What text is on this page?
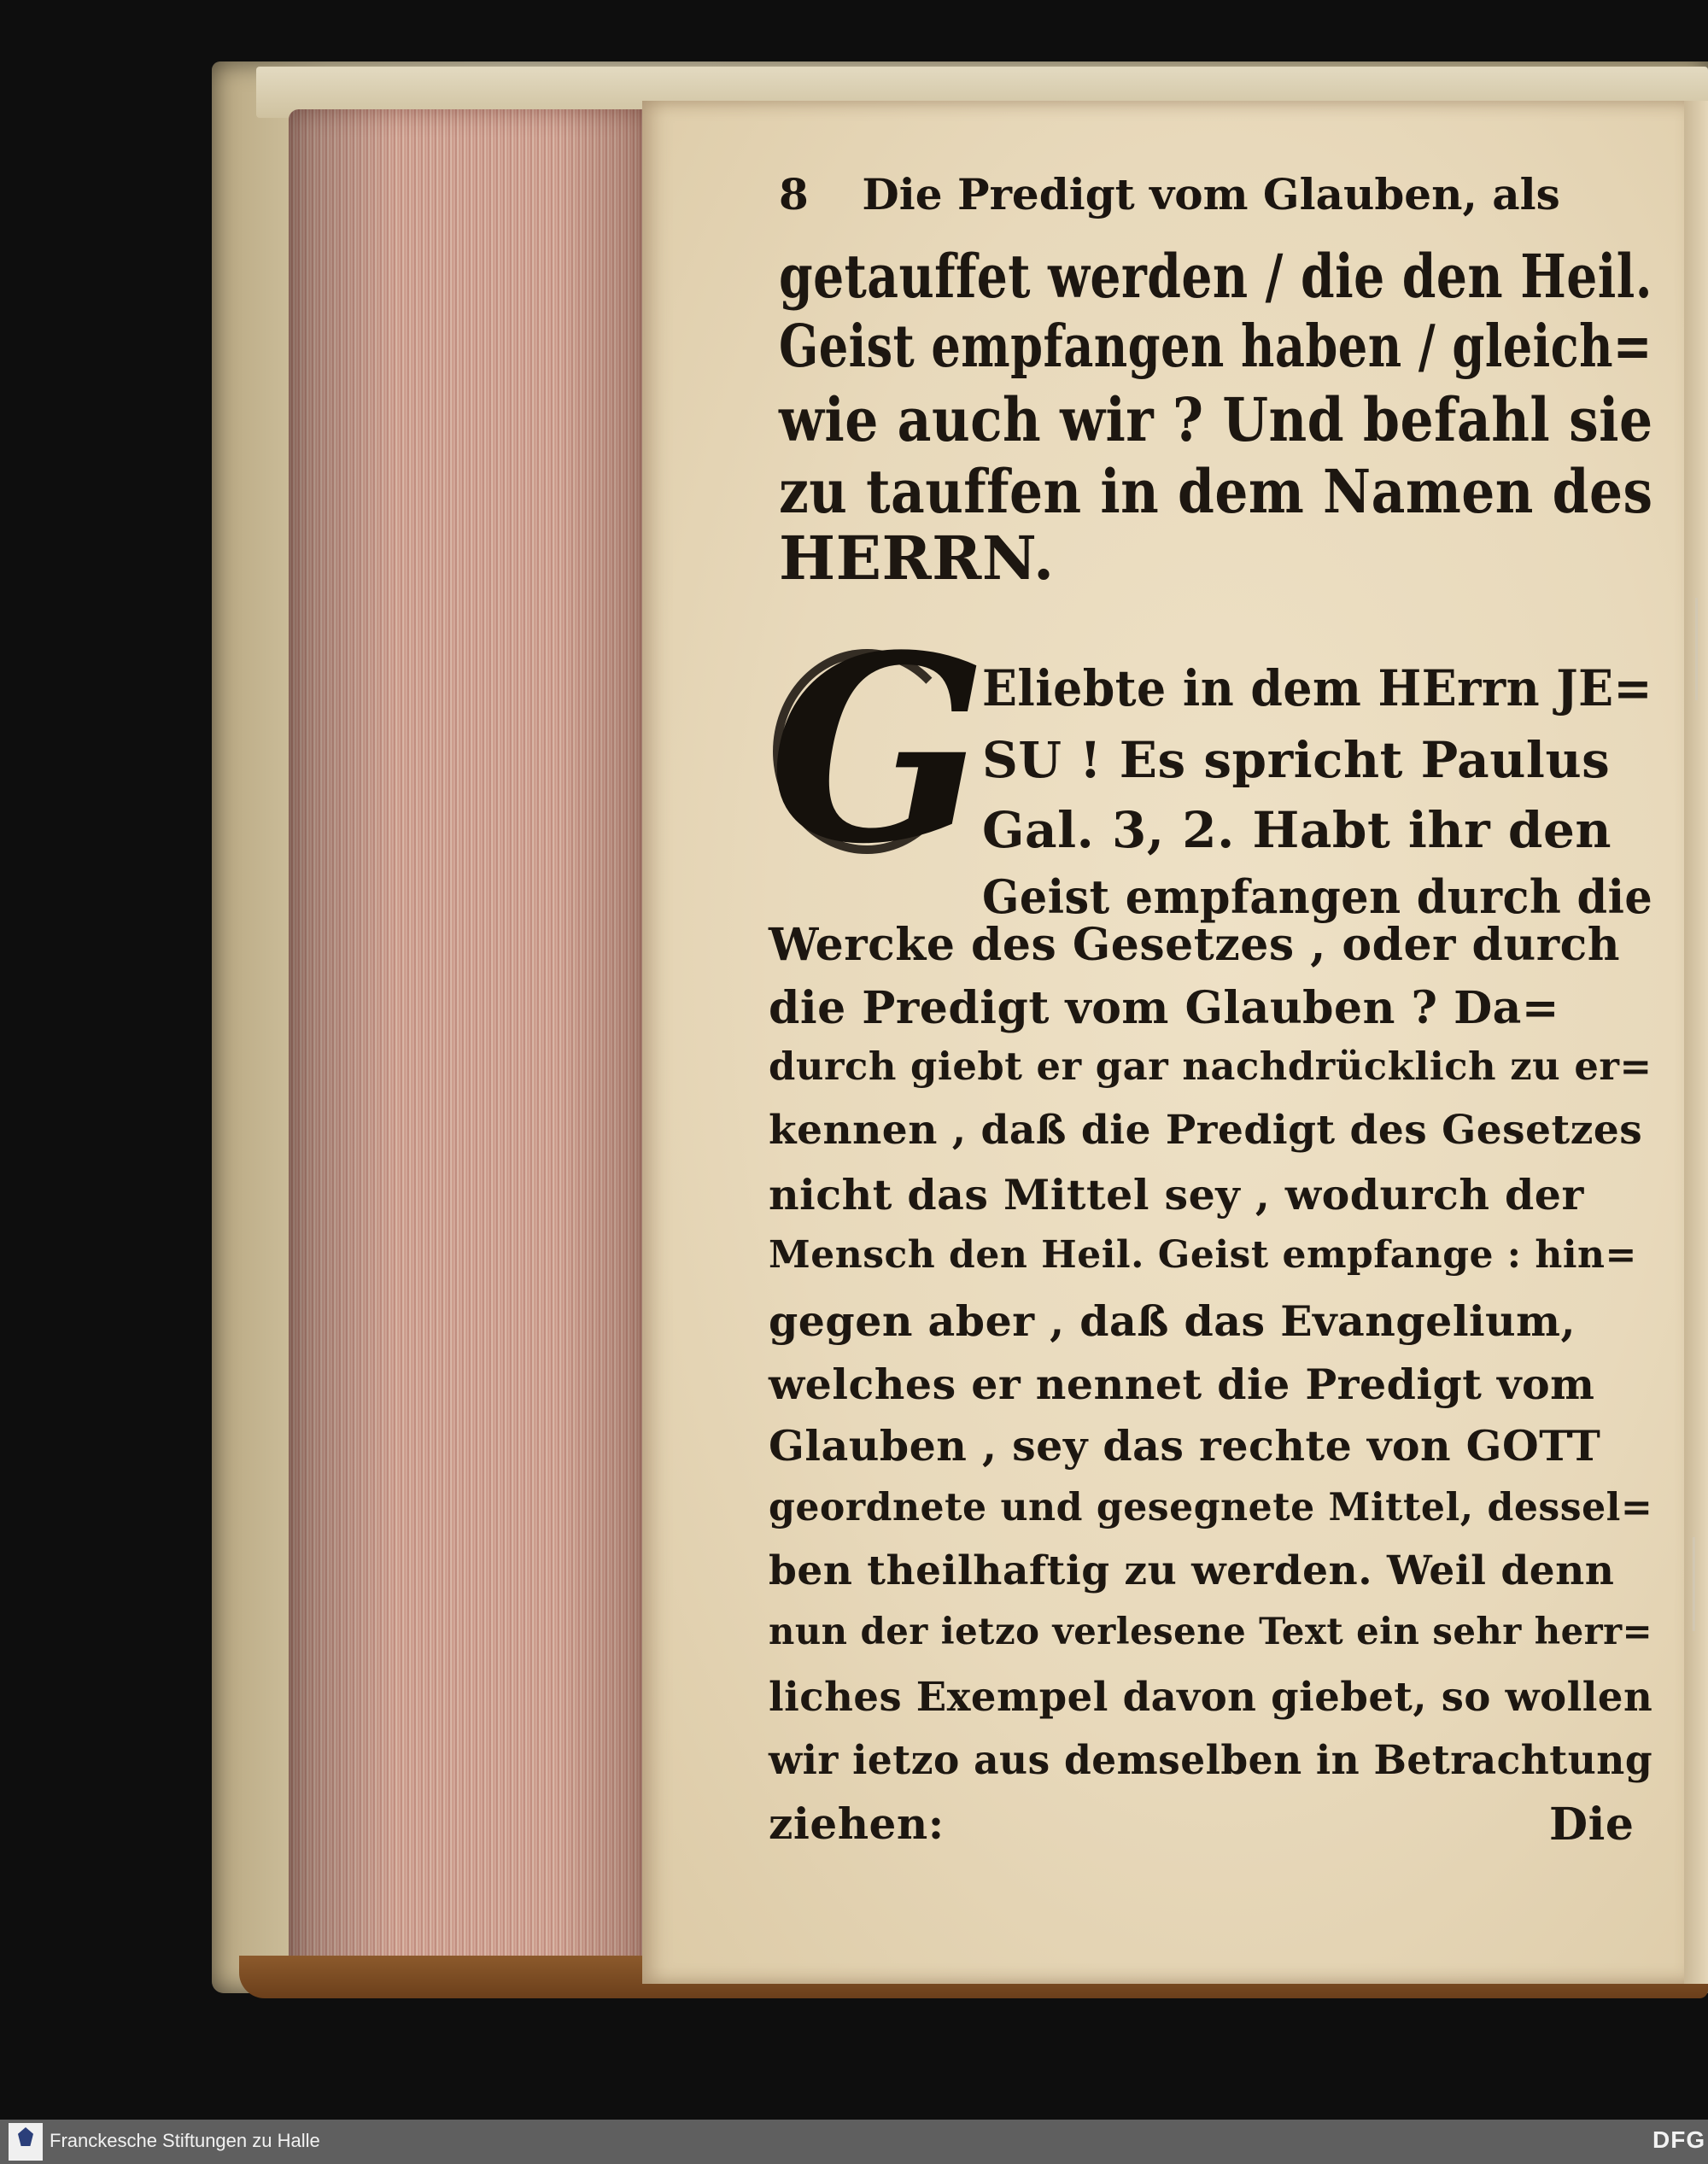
8 Die Predigt vom Glauben, als
getauffet werden / die den Heil.
Geist empfangen haben / gleich=
wie auch wir ? Und befahl sie
zu tauffen in dem Namen des
HERRN.
G
Eliebte in dem HErrn JE=
SU ! Es spricht Paulus
Gal. 3, 2. Habt ihr den
Geist empfangen durch die
Wercke des Gesetzes , oder durch
die Predigt vom Glauben ? Da=
durch giebt er gar nachdrücklich zu er=
kennen , daß die Predigt des Gesetzes
nicht das Mittel sey , wodurch der
Mensch den Heil. Geist empfange : hin=
gegen aber , daß das Evangelium,
welches er nennet die Predigt vom
Glauben , sey das rechte von GOTT
geordnete und gesegnete Mittel, dessel=
ben theilhaftig zu werden. Weil denn
nun der ietzo verlesene Text ein sehr herr=
liches Exempel davon giebet, so wollen
wir ietzo aus demselben in Betrachtung
ziehen:	Die
Franckesche Stiftungen zu Halle	DFG
